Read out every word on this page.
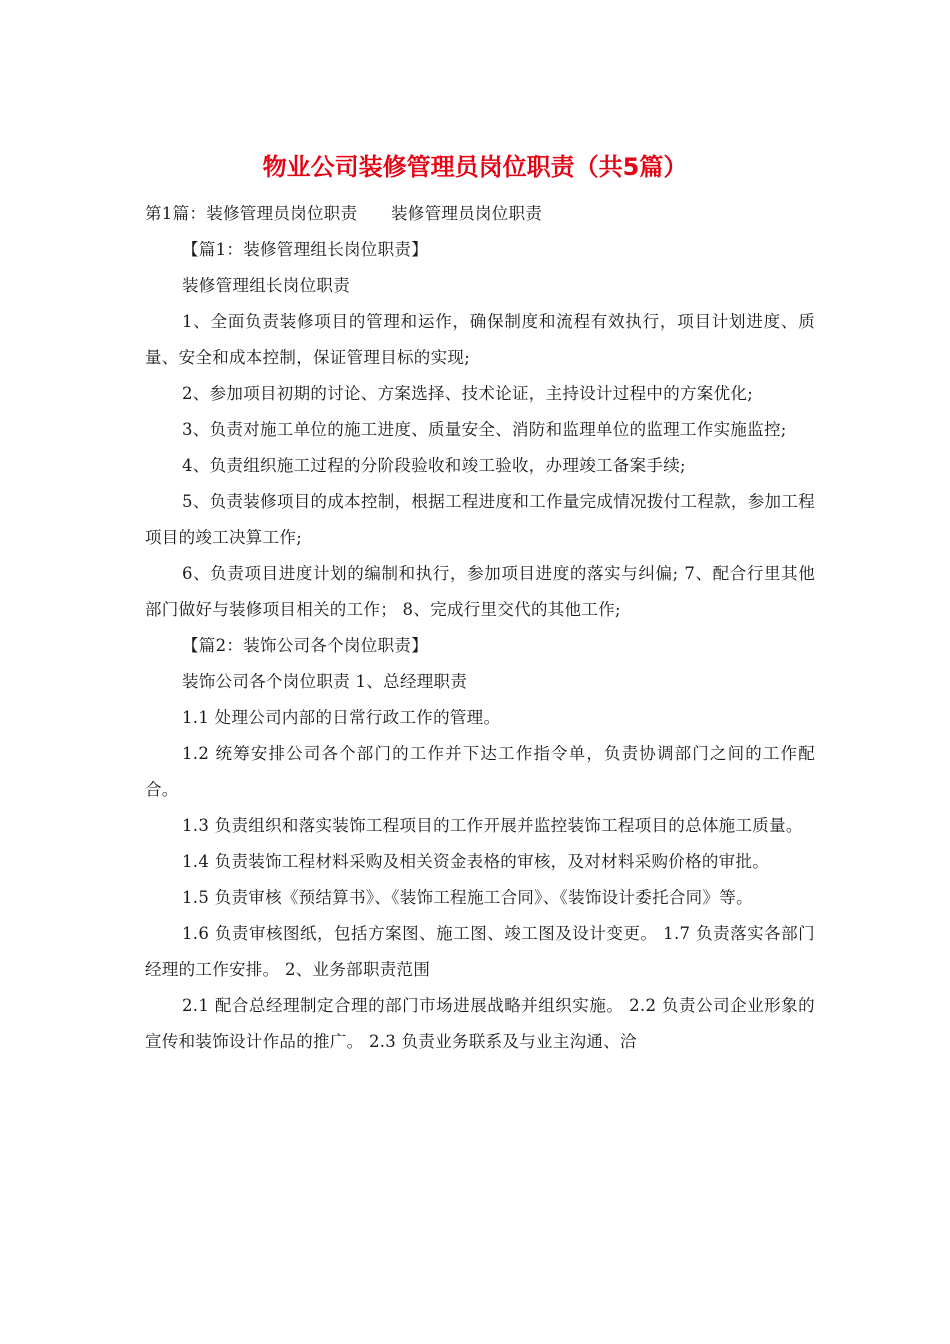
物业公司装修管理员岗位职责（共5篇）

第1篇：装修管理员岗位职责　　装修管理员岗位职责

【篇1：装修管理组长岗位职责】

装修管理组长岗位职责

1、全面负责装修项目的管理和运作，确保制度和流程有效执行，项目计划进度、质量、安全和成本控制，保证管理目标的实现;

2、参加项目初期的讨论、方案选择、技术论证，主持设计过程中的方案优化;

3、负责对施工单位的施工进度、质量安全、消防和监理单位的监理工作实施监控;

4、负责组织施工过程的分阶段验收和竣工验收，办理竣工备案手续;

5、负责装修项目的成本控制，根据工程进度和工作量完成情况拨付工程款，参加工程项目的竣工决算工作;

6、负责项目进度计划的编制和执行，参加项目进度的落实与纠偏; 7、配合行里其他部门做好与装修项目相关的工作； 8、完成行里交代的其他工作;

【篇2：装饰公司各个岗位职责】

装饰公司各个岗位职责 1、总经理职责

1.1 处理公司内部的日常行政工作的管理。

1.2 统筹安排公司各个部门的工作并下达工作指令单，负责协调部门之间的工作配合。

1.3 负责组织和落实装饰工程项目的工作开展并监控装饰工程项目的总体施工质量。

1.4 负责装饰工程材料采购及相关资金表格的审核，及对材料采购价格的审批。

1.5 负责审核《预结算书》、《装饰工程施工合同》、《装饰设计委托合同》等。

1.6 负责审核图纸，包括方案图、施工图、竣工图及设计变更。 1.7 负责落实各部门经理的工作安排。 2、业务部职责范围

2.1 配合总经理制定合理的部门市场进展战略并组织实施。 2.2 负责公司企业形象的宣传和装饰设计作品的推广。 2.3 负责业务联系及与业主沟通、洽
